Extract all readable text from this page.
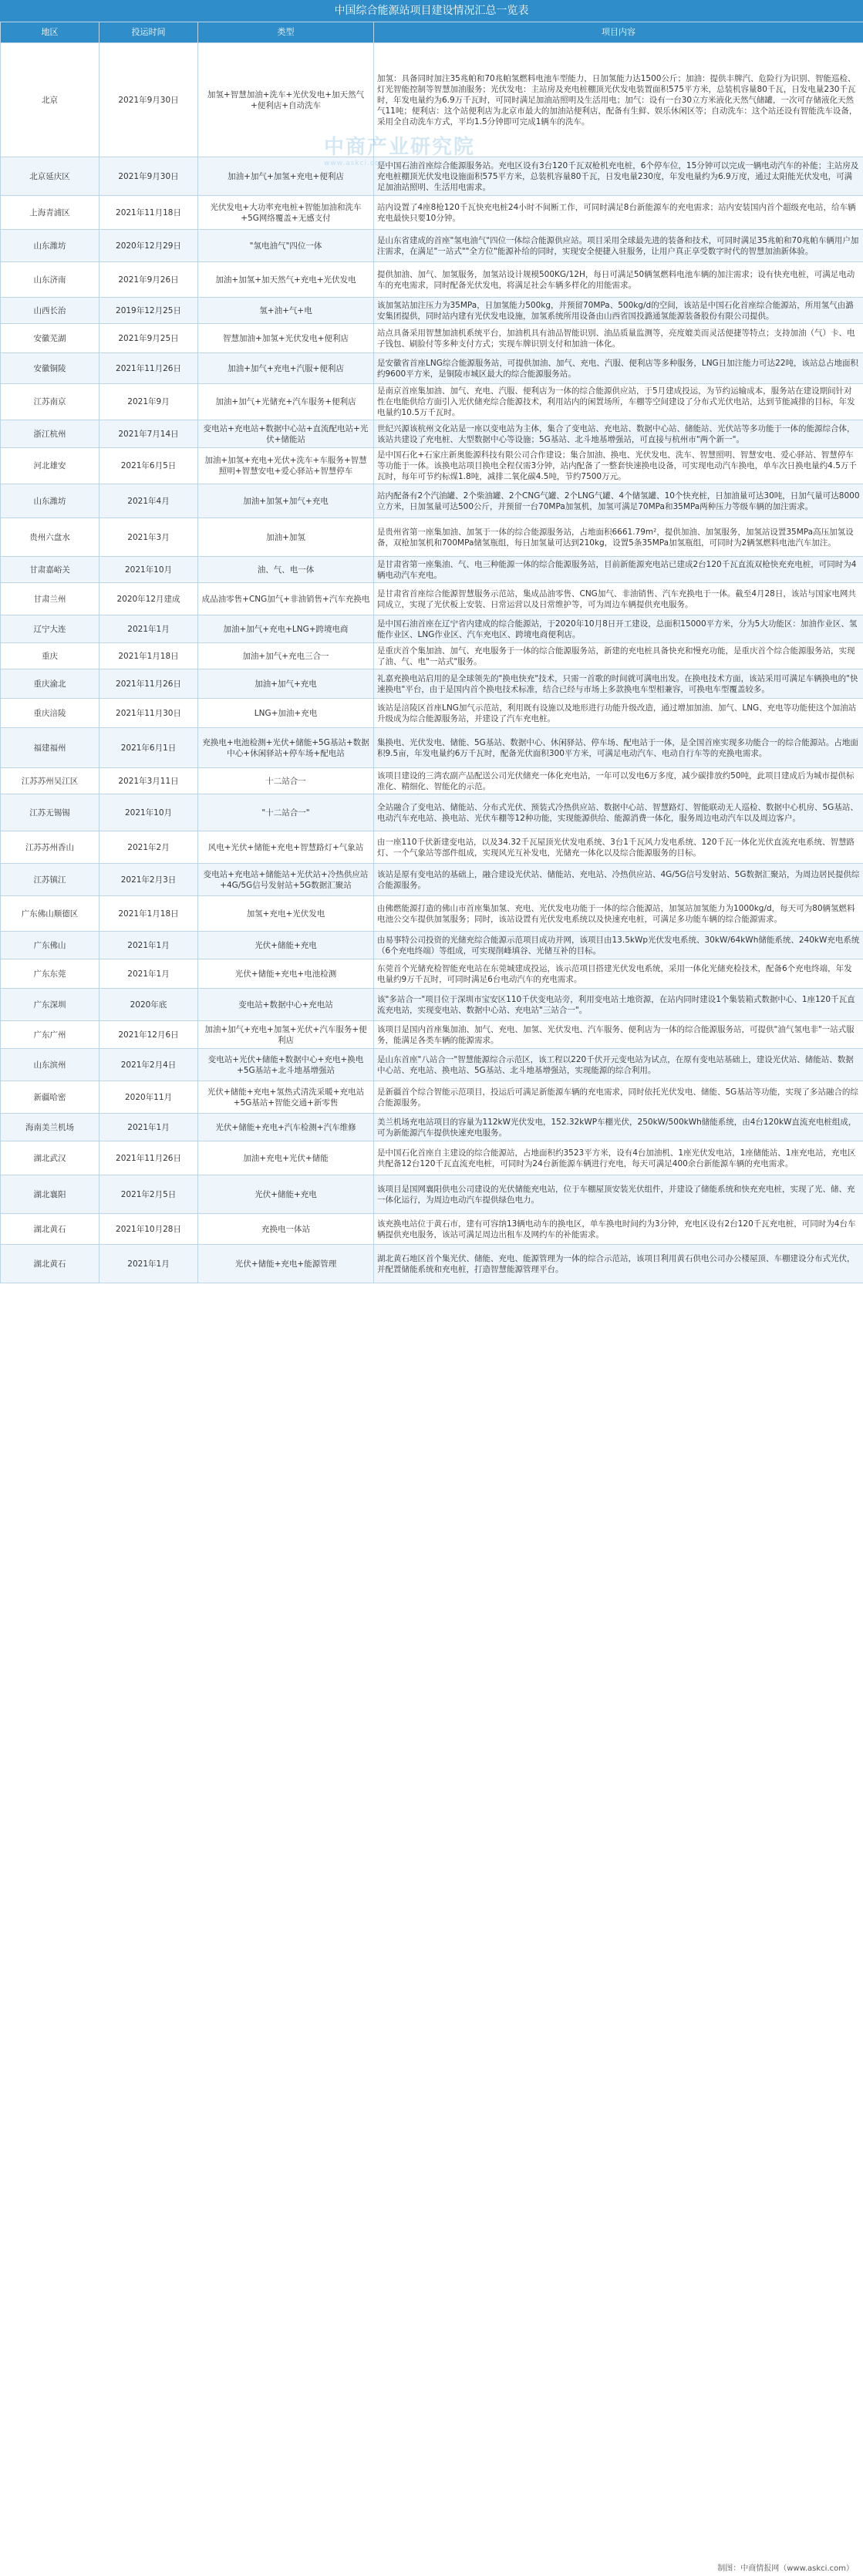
中国综合能源站项目建设情况汇总一览表
地区	投运时间	类型	项目内容
北京	2021年9月30日	加氢+智慧加油+洗车+光伏发电+加天然气+便利店+自动洗车	加氢：具备同时加注35兆帕和70兆帕氢燃料电池车型能力，日加氢能力达1500公斤；加油：提供丰牌汽、危险行为识别、智能巡检、灯光智能控制等智慧加油服务；光伏发电：主站房及充电桩棚顶光伏发电装置面积575平方米，总装机容量80千瓦，日发电量230千瓦时，年发电量约为6.9万千瓦时，可同时满足加油站照明及生活用电；加气：设有一台30立方米液化天然气储罐，一次可存储液化天然气11吨；便利店：这个站便利店为北京市最大的加油站便利店，配备有生鲜、娱乐休闲区等；自动洗车：这个站还设有智能洗车设备，采用全自动洗车方式，平均1.5分钟即可完成1辆车的洗车。
北京延庆区	2021年9月30日	加油+加气+加氢+充电+便利店	是中国石油首座综合能源服务站。充电区设有3台120千瓦双枪机充电桩，6个停车位，15分钟可以完成一辆电动汽车的补能；主站房及充电桩棚顶光伏发电设施面积575平方米，总装机容量80千瓦，日发电量230度，年发电量约为6.9万度，通过太阳能光伏发电，可满足加油站照明、生活用电需求。
上海青浦区	2021年11月18日	光伏发电+大功率充电桩+智能加油和洗车+5G网络覆盖+无感支付	站内设置了4座8枪120千瓦快充电桩24小时不间断工作，可同时满足8台新能源车的充电需求；站内安装国内首个超级充电站，给车辆充电最快只要10分钟。
山东潍坊	2020年12月29日	"氢电油气"四位一体	是山东省建成的首座"氢电油气"四位一体综合能源供应站。项目采用全球最先进的装备和技术，可同时满足35兆帕和70兆帕车辆用户加注需求，在满足"一站式""全方位"能源补给的同时，实现安全便捷入驻服务，让用户真正享受数字时代的智慧加油新体验。
山东济南	2021年9月26日	加油+加氢+加天然气+充电+光伏发电	提供加油、加气、加氢服务，加氢站设计规模500KG/12H，每日可满足50辆氢燃料电池车辆的加注需求；设有快充电桩，可满足电动车的充电需求，同时配备光伏发电，将满足社会车辆多样化的用能需求。
山西长治	2019年12月25日	氢+油+气+电	该加氢站加注压力为35MPa，日加氢能力500kg，并预留70MPa、500kg/d的空间，该站是中国石化首座综合能源站，所用氢气由潞安集团提供，同时站内建有光伏发电设施，加氢系统所用设备由山西省国投潞通氢能源装备股份有限公司提供。
安徽芜湖	2021年9月25日	智慧加油+加氢+光伏发电+便利店	站点具备采用智慧加油机系统平台，加油机具有油品智能识别、油品质量监测等，亮度媲美而灵活便捷等特点；支持加油（气）卡、电子钱包、刷脸付等多种支付方式；实现车牌识别支付和加油一体化。
安徽铜陵	2021年11月26日	加油+加气+充电+汽服+便利店	是安徽省首座LNG综合能源服务站，可提供加油、加气、充电、汽服、便利店等多种服务，LNG日加注能力可达22吨，该站总占地面积约9600平方米，是铜陵市城区最大的综合能源服务站。
江苏南京	2021年9月	加油+加气+光储充+汽车服务+便利店	是南京首座集加油、加气、充电、汽服、便利店为一体的综合能源供应站，于5月建成投运，为节约运输成本，服务站在建设期间针对性在电能供给方面引入光伏储充综合能源技术，利用站内的闲置场所，车棚等空间建设了分布式光伏电站，达到节能减排的目标，年发电量约10.5万千瓦时。
浙江杭州	2021年7月14日	变电站+充电站+数据中心站+直流配电站+光伏+储能站	世纪兴源该杭州文化站是一座以变电站为主体，集合了变电站、充电站、数据中心站、储能站、光伏站等多功能于一体的能源综合体，该站共建设了充电桩、大型数据中心等设施；5G基站、北斗地基增强站，可直接与杭州市"两个新一"。
河北雄安	2021年6月5日	加油+加氢+充电+光伏+洗车+车服务+智慧照明+智慧安电+爱心驿站+智慧停车	是中国石化+石家庄新奥能源科技有限公司合作建设；集合加油、换电、光伏发电、洗车、智慧照明、智慧安电、爱心驿站、智慧停车等功能于一体。该换电站项目换电全程仅需3分钟，站内配备了一整套快速换电设备，可实现电动汽车换电，单车次日换电量约4.5万千瓦时，每年可节约标煤1.8吨，减排二氧化碳4.5吨，节约7500万元。
山东潍坊	2021年4月	加油+加氢+加气+充电	站内配备有2个汽油罐、2个柴油罐、2个CNG气罐、2个LNG气罐、4个储氢罐、10个快充桩，日加油量可达30吨，日加气量可达8000立方米，日加氢量可达500公斤，并预留一台70MPa加氢机，加氢可满足70MPa和35MPa两种压力等级车辆的加注需求。
贵州六盘水	2021年3月	加油+加氢	是贵州省第一座集加油、加氢于一体的综合能源服务站，占地面积6661.79m²，提供加油、加氢服务，加氢站设置35MPa高压加氢设备，双枪加氢机和700MPa储氢瓶组，每日加氢量可达到210kg，设置5条35MPa加氢瓶组，可同时为2辆氢燃料电池汽车加注。
甘肃嘉峪关	2021年10月	油、气、电一体	是甘肃省第一座集油、气、电三种能源一体的综合能源服务站，目前新能源充电站已建成2台120千瓦直流双枪快充充电桩，可同时为4辆电动汽车充电。
甘肃兰州	2020年12月建成	成品油零售+CNG加气+非油销售+汽车充换电	是甘肃省首座综合能源智慧服务示范站，集成品油零售、CNG加气、非油销售、汽车充换电于一体。截至4月28日，该站与国家电网共同成立，实现了光伏板上安装、日常运营以及日常维护等，可为周边车辆提供充电服务。
辽宁大连	2021年1月	加油+加气+充电+LNG+跨境电商	是中国石油首座在辽宁省内建成的综合能源站，于2020年10月8日开工建设，总面积15000平方米，分为5大功能区：加油作业区、氢能作业区、LNG作业区、汽车充电区、跨境电商便利店。
重庆	2021年1月18日	加油+加气+充电三合一	是重庆首个集加油、加气、充电服务于一体的综合能源服务站，新建的充电桩具备快充和慢充功能，是重庆首个综合能源服务站，实现了油、气、电"一站式"服务。
重庆渝北	2021年11月26日	加油+加气+充电	礼嘉充换电站启用的是全球领先的"换电快充"技术，只需一首歌的时间就可满电出发。在换电技术方面，该站采用可满足车辆换电的"快速换电"平台，由于是国内首个换电技术标准，结合已经与市场上多款换电车型相兼容，可换电车型覆盖较多。
重庆涪陵	2021年11月30日	LNG+加油+充电	该站是涪陵区首座LNG加气示范站，利用既有设施以及地形进行功能升级改造，通过增加加油、加气、LNG、充电等功能使这个加油站升级成为综合能源服务站，并建设了汽车充电桩。
福建福州	2021年6月1日	充换电+电池检测+光伏+储能+5G基站+数据中心+休闲驿站+停车场+配电站	集换电、光伏发电、储能、5G基站、数据中心、休闲驿站、停车场、配电站于一体，是全国首座实现多功能合一的综合能源站。占地面积9.5亩，年发电量约6万千瓦时，配备光伏面积300平方米，可满足电动汽车、电动自行车等的充换电需求。
江苏苏州吴江区	2021年3月11日	十二站合一	该项目建设的三湾农副产品配送公司光伏储充一体化充电站，一年可以发电6万多度，减少碳排放约50吨，此项目建成后为城市提供标准化、精细化、智能化的示范。
江苏无锡锡	2021年10月	"十二站合一"	全站融合了变电站、储能站、分布式光伏、预装式冷热供应站、数据中心站、智慧路灯、智能联动无人巡检、数据中心机房、5G基站、电动汽车充电站、换电站、光伏车棚等12种功能，实现能源供给、能源消费一体化，服务周边电动汽车以及周边客户。
江苏苏州香山	2021年2月	风电+光伏+储能+充电+智慧路灯+气象站	由一座110千伏新建变电站，以及34.32千瓦屋顶光伏发电系统、3台1千瓦风力发电系统、120千瓦一体化光伏直流充电系统、智慧路灯、一个气象站等部件组成，实现风光互补发电，光储充一体化以及综合能源服务的目标。
江苏镇江	2021年2月3日	变电站+充电站+储能站+光伏站+冷热供应站+4G/5G信号发射站+5G数据汇聚站	该站是原有变电站的基础上，融合建设光伏站、储能站、充电站、冷热供应站、4G/5G信号发射站、5G数据汇聚站，为周边居民提供综合能源服务。
广东佛山顺德区	2021年1月18日	加氢+充电+光伏发电	由佛燃能源打造的佛山市首座集加氢、充电、光伏发电功能于一体的综合能源站，加氢站加氢能力为1000kg/d，每天可为80辆氢燃料电池公交车提供加氢服务；同时，该站设置有光伏发电系统以及快速充电桩，可满足多功能车辆的综合能源需求。
广东佛山	2021年1月	光伏+储能+充电	由易事特公司投资的光储充综合能源示范项目成功并网，该项目由13.5kWp光伏发电系统、30kW/64kWh储能系统、240kW充电系统（6个充电终端）等组成，可实现削峰填谷、光储互补的目标。
广东东莞	2021年1月	光伏+储能+充电+电池检测	东莞首个光储充检智能充电站在东莞城建成投运，该示范项目搭建光伏发电系统，采用一体化光储充检技术，配备6个充电终端，年发电量约9万千瓦时，可同时满足6台电动汽车的充电需求。
广东深圳	2020年底	变电站+数据中心+充电站	该"多站合一"项目位于深圳市宝安区110千伏变电站旁，利用变电站土地资源，在站内同时建设1个集装箱式数据中心、1座120千瓦直流充电站，实现变电站、数据中心站、充电站"三站合一"。
广东广州	2021年12月6日	加油+加气+充电+加氢+光伏+汽车服务+便利店	该项目是国内首座集加油、加气、充电、加氢、光伏发电、汽车服务、便利店为一体的综合能源服务站，可提供"油气氢电非"一站式服务，能满足各类车辆的能源需求。
山东滨州	2021年2月4日	变电站+光伏+储能+数据中心+充电+换电+5G基站+北斗地基增强站	是山东首座"八站合一"智慧能源综合示范区，该工程以220千伏开元变电站为试点，在原有变电站基础上，建设光伏站、储能站、数据中心站、充电站、换电站、5G基站、北斗地基增强站，实现能源的综合利用。
新疆哈密	2020年11月	光伏+储能+充电+氢热式清洗采暖+充电站+5G基站+智能交通+新零售	是新疆首个综合智能示范项目，投运后可满足新能源车辆的充电需求，同时依托光伏发电、储能、5G基站等功能，实现了多站融合的综合能源服务。
海南美兰机场	2021年1月	光伏+储能+充电+汽车检测+汽车维修	美兰机场充电站项目的容量为112kW光伏发电，152.32kWP车棚光伏，250kW/500kWh储能系统，由4台120kW直流充电桩组成，可为新能源汽车提供快速充电服务。
湖北武汉	2021年11月26日	加油+充电+光伏+储能	是中国石化首座自主建设的综合能源站，占地面积约3523平方米，设有4台加油机、1座光伏发电站，1座储能站、1座充电站，充电区共配备12台120千瓦直流充电桩，可同时为24台新能源车辆进行充电，每天可满足400余台新能源车辆的充电需求。
湖北襄阳	2021年2月5日	光伏+储能+充电	该项目是国网襄阳供电公司建设的光伏储能充电站，位于车棚屋顶安装光伏组件，并建设了储能系统和快充充电桩，实现了光、储、充一体化运行，为周边电动汽车提供绿色电力。
湖北黄石	2021年10月28日	充换电一体站	该充换电站位于黄石市，建有可容纳13辆电动车的换电区，单车换电时间约为3分钟，充电区设有2台120千瓦充电桩，可同时为4台车辆提供充电服务，该站可满足周边出租车及网约车的补能需求。
湖北黄石	2021年1月	光伏+储能+充电+能源管理	湖北黄石地区首个集光伏、储能、充电、能源管理为一体的综合示范站，该项目利用黄石供电公司办公楼屋顶、车棚建设分布式光伏，并配置储能系统和充电桩，打造智慧能源管理平台。
中商产业研究院
www.askci.com
制图：中商情报网（www.askci.com）
